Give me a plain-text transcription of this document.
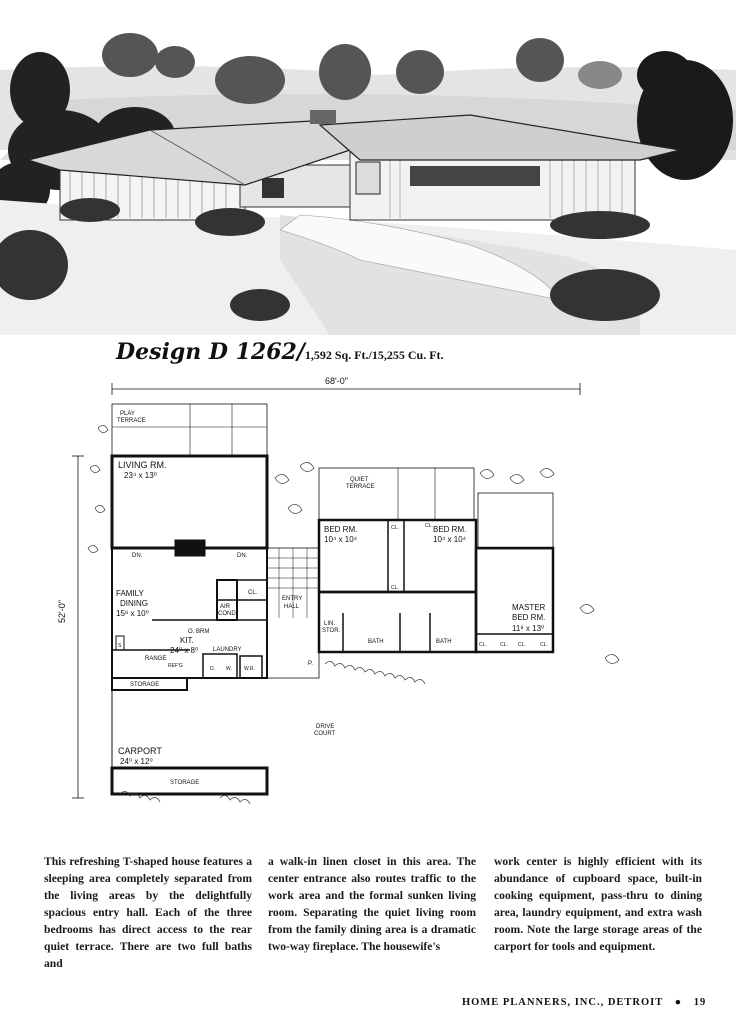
Design D 1262/1,592 Sq. Ft./15,255 Cu. Ft.
68'-0"
52'-0"
PLAY
TERRACE
LIVING RM.
23⁴ x 13⁰
DN.	DN.
FAMILY
DINING
15⁸ x 10⁰
AIR
COND.
CL.
O. BRM
KIT.
24⁰ x 8⁰ LAUNDRY
S
RANGE
REF'G	D. W. W.R.
STORAGE
ENTRY
HALL
P.
QUIET
TERRACE
BED RM.
10⁴ x 10⁴
CL.
CL.
BED RM.
10⁴ x 10⁴
CL.
LIN.
STOR.
BATH	BATH
MASTER
BED RM.
11⁸ x 13⁰
CL.	CL. CL.	CL.
DRIVE
COURT
CARPORT
24⁰ x 12⁰
STORAGE
This refreshing T-shaped house features a sleeping area completely separated from the living areas by the delightfully spacious entry hall. Each of the three bedrooms has direct access to the rear quiet terrace. There are two full baths and
a walk-in linen closet in this area. The center entrance also routes traffic to the work area and the formal sunken living room. Separating the quiet living room from the family dining area is a dramatic two-way fireplace. The housewife's
work center is highly efficient with its abundance of cupboard space, built-in cooking equipment, pass-thru to dining area, laundry equipment, and extra wash room. Note the large storage areas of the carport for tools and equipment.
HOME PLANNERS, INC., DETROIT ● 19
